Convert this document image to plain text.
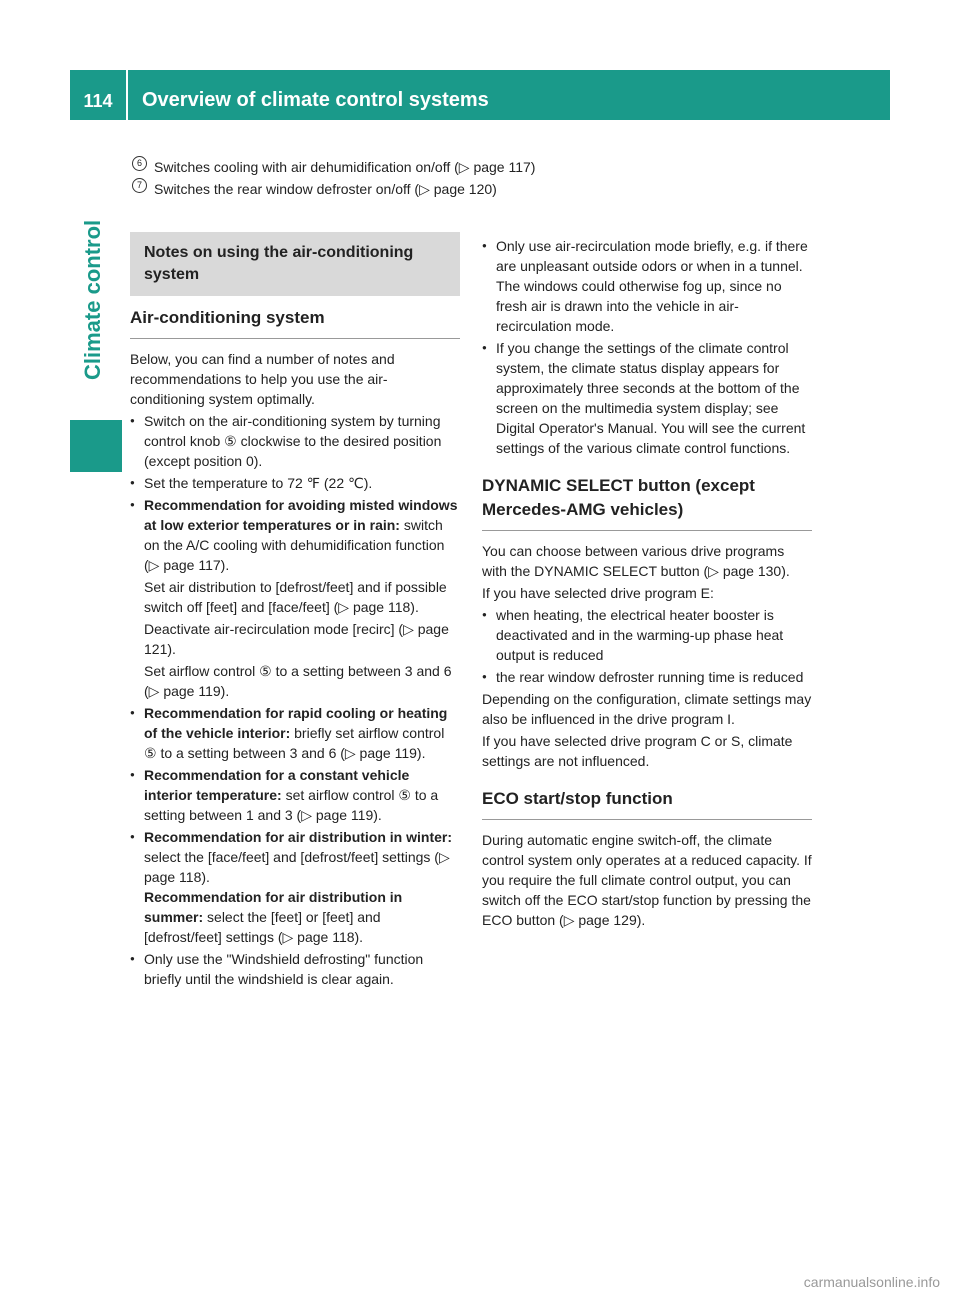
114	Overview of climate control systems
Climate control
6 Switches cooling with air dehumidification on/off (▷ page 117)
7 Switches the rear window defroster on/off (▷ page 120)
Notes on using the air-conditioning system
Air-conditioning system

Below, you can find a number of notes and recommendations to help you use the air-conditioning system optimally.

● Switch on the air-conditioning system by turning control knob ⑤ clockwise to the desired position (except position 0).
● Set the temperature to 72 ℉ (22 ℃).
● Recommendation for avoiding misted windows at low exterior temperatures or in rain: switch on the A/C cooling with dehumidification function (▷ page 117).

Set air distribution to [defrost/feet] and if possible switch off [feet] and [face/feet] (▷ page 118).

Deactivate air-recirculation mode [recirc] (▷ page 121).

Set airflow control ⑤ to a setting between 3 and 6 (▷ page 119).

● Recommendation for rapid cooling or heating of the vehicle interior: briefly set airflow control ⑤ to a setting between 3 and 6 (▷ page 119).
● Recommendation for a constant vehicle interior temperature: set airflow control ⑤ to a setting between 1 and 3 (▷ page 119).
● Recommendation for air distribution in winter: select the [face/feet] and [defrost/feet] settings (▷ page 118).
Recommendation for air distribution in summer: select the [feet] or [feet] and [defrost/feet] settings (▷ page 118).
● Only use the "Windshield defrosting" function briefly until the windshield is clear again.
● Only use air-recirculation mode briefly, e.g. if there are unpleasant outside odors or when in a tunnel. The windows could otherwise fog up, since no fresh air is drawn into the vehicle in air-recirculation mode.
● If you change the settings of the climate control system, the climate status display appears for approximately three seconds at the bottom of the screen on the multimedia system display; see Digital Operator's Manual. You will see the current settings of the various climate control functions.
DYNAMIC SELECT button (except Mercedes-AMG vehicles)

You can choose between various drive programs with the DYNAMIC SELECT button (▷ page 130).

If you have selected drive program E:

● when heating, the electrical heater booster is deactivated and in the warming-up phase heat output is reduced
● the rear window defroster running time is reduced

Depending on the configuration, climate settings may also be influenced in the drive program I.

If you have selected drive program C or S, climate settings are not influenced.

ECO start/stop function

During automatic engine switch-off, the climate control system only operates at a reduced capacity. If you require the full climate control output, you can switch off the ECO start/stop function by pressing the ECO button (▷ page 129).

carmanualsonline.info
